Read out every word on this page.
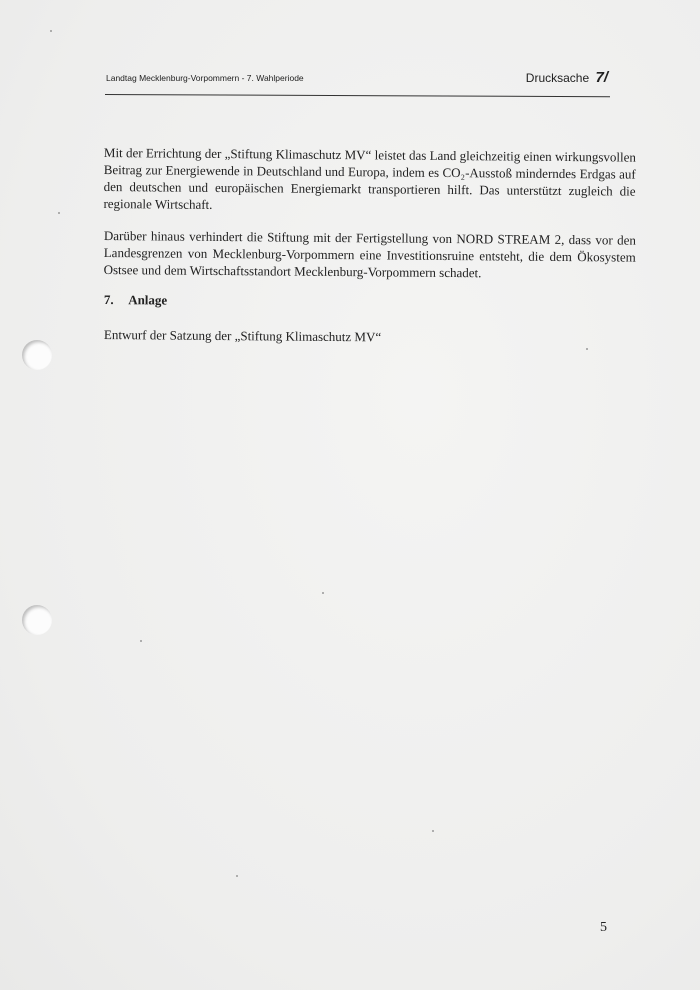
Landtag Mecklenburg-Vorpommern - 7. Wahlperiode	Drucksache 7/

Mit der Errichtung der „Stiftung Klimaschutz MV“ leistet das Land gleichzeitig einen wirkungsvollen Beitrag zur Energiewende in Deutschland und Europa, indem es CO₂-Ausstoß minderndes Erdgas auf den deutschen und europäischen Energiemarkt transportieren hilft. Das unterstützt zugleich die regionale Wirtschaft.

Darüber hinaus verhindert die Stiftung mit der Fertigstellung von NORD STREAM 2, dass vor den Landesgrenzen von Mecklenburg-Vorpommern eine Investitionsruine entsteht, die dem Ökosystem Ostsee und dem Wirtschaftsstandort Mecklenburg-Vorpommern schadet.

7. Anlage
Entwurf der Satzung der „Stiftung Klimaschutz MV“
5
